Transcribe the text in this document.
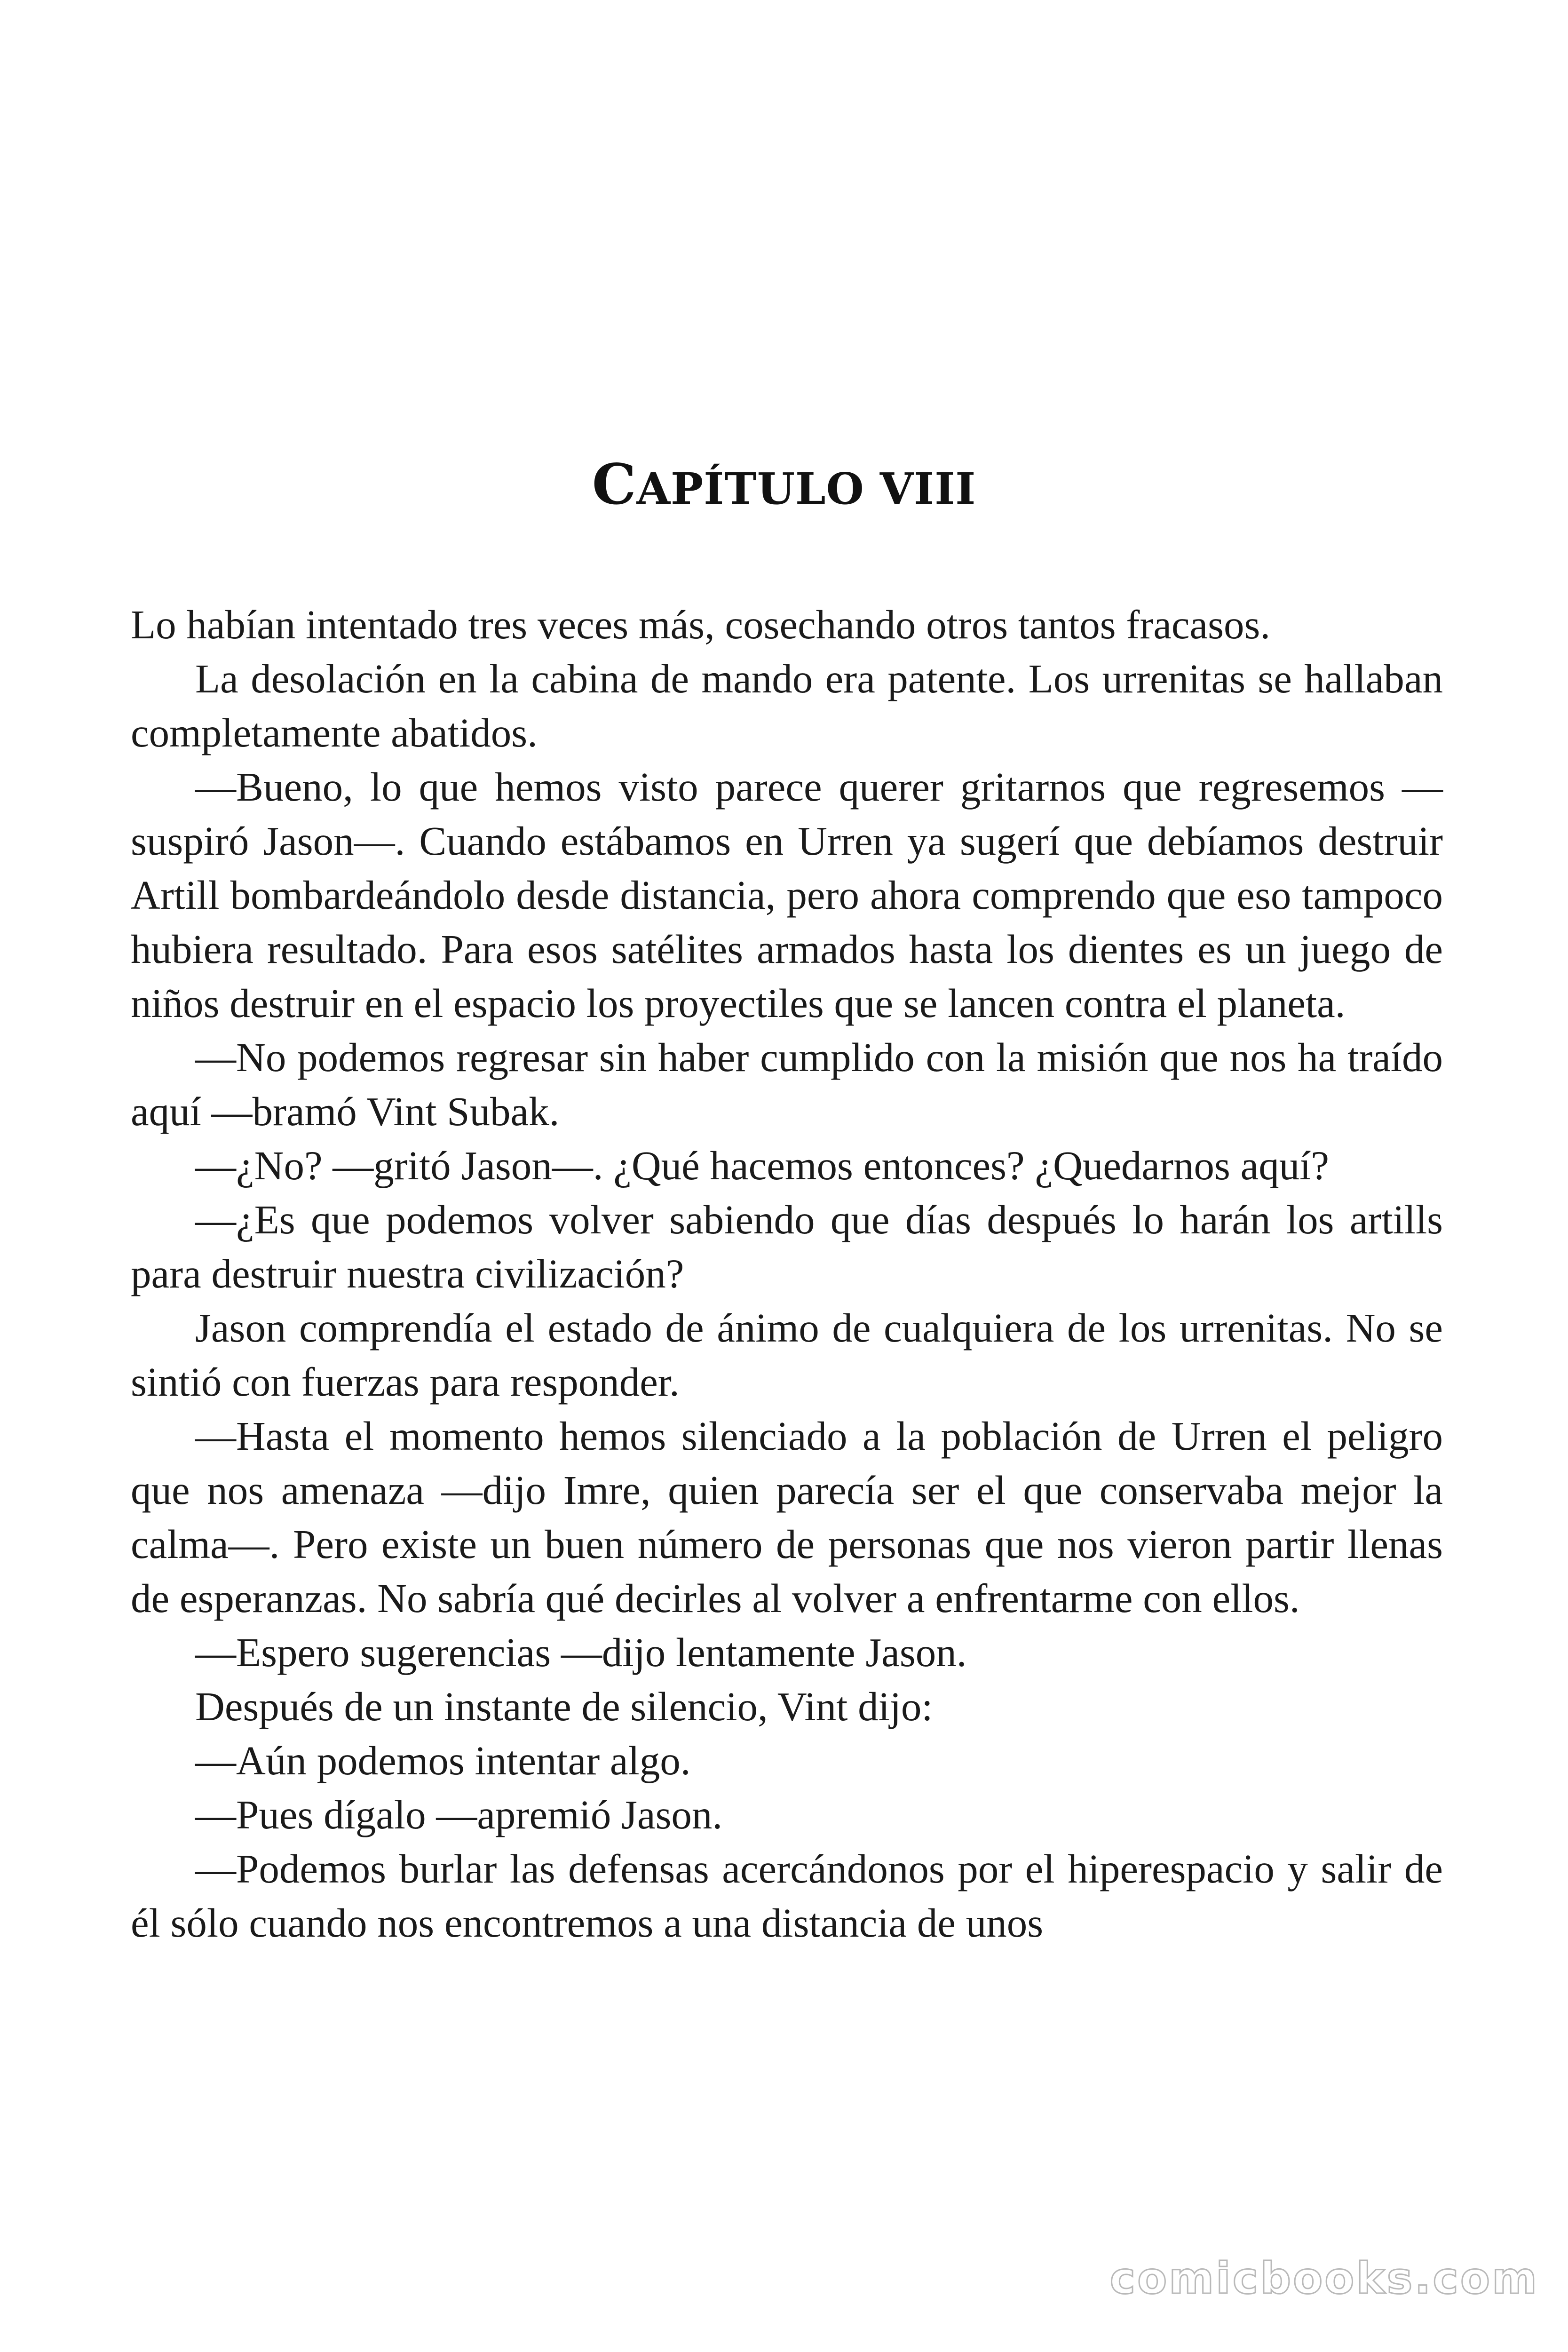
CAPÍTULO VIII

Lo habían intentado tres veces más, cosechando otros tantos fracasos.

La desolación en la cabina de mando era patente. Los urrenitas se hallaban completamente abatidos.

—Bueno, lo que hemos visto parece querer gritarnos que regresemos —suspiró Jason—. Cuando estábamos en Urren ya sugerí que debíamos destruir Artill bombardeándolo desde distancia, pero ahora comprendo que eso tampoco hubiera resultado. Para esos satélites armados hasta los dientes es un juego de niños destruir en el espacio los proyectiles que se lancen contra el planeta.

—No podemos regresar sin haber cumplido con la misión que nos ha traído aquí —bramó Vint Subak.

—¿No? —gritó Jason—. ¿Qué hacemos entonces? ¿Quedarnos aquí?

—¿Es que podemos volver sabiendo que días después lo harán los artills para destruir nuestra civilización?

Jason comprendía el estado de ánimo de cualquiera de los urrenitas. No se sintió con fuerzas para responder.

—Hasta el momento hemos silenciado a la población de Urren el peligro que nos amenaza —dijo Imre, quien parecía ser el que conservaba mejor la calma—. Pero existe un buen número de personas que nos vieron partir llenas de esperanzas. No sabría qué decirles al volver a enfrentarme con ellos.

—Espero sugerencias —dijo lentamente Jason.

Después de un instante de silencio, Vint dijo:

—Aún podemos intentar algo.

—Pues dígalo —apremió Jason.

—Podemos burlar las defensas acercándonos por el hiperespacio y salir de él sólo cuando nos encontremos a una distancia de unos

comicbooks.com
